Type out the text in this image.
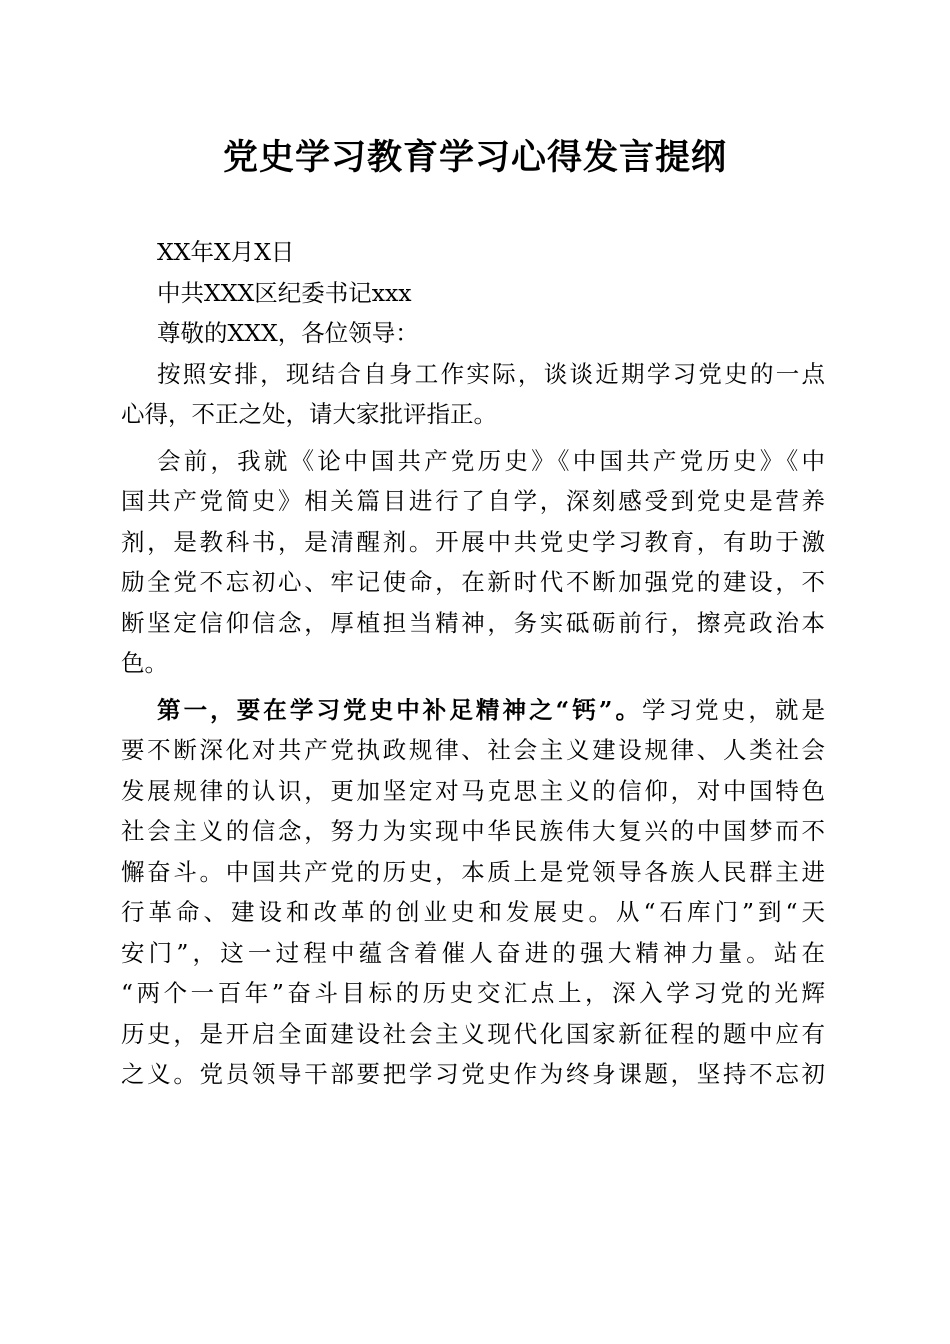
党史学习教育学习心得发言提纲
XX年X月X日
中共XXX区纪委书记xxx
尊敬的XXX，各位领导：
按照安排，现结合自身工作实际，谈谈近期学习党史的一点
心得，不正之处，请大家批评指正。
会前，我就《论中国共产党历史》《中国共产党历史》《中
国共产党简史》相关篇目进行了自学，深刻感受到党史是营养
剂，是教科书，是清醒剂。开展中共党史学习教育，有助于激
励全党不忘初心、牢记使命，在新时代不断加强党的建设，不
断坚定信仰信念，厚植担当精神，务实砥砺前行，擦亮政治本
色。
第一，要在学习党史中补足精神之“钙”。学习党史，就是
要不断深化对共产党执政规律、社会主义建设规律、人类社会
发展规律的认识，更加坚定对马克思主义的信仰，对中国特色
社会主义的信念，努力为实现中华民族伟大复兴的中国梦而不
懈奋斗。中国共产党的历史，本质上是党领导各族人民群主进
行革命、建设和改革的创业史和发展史。从“石库门”到“天
安门”，这一过程中蕴含着催人奋进的强大精神力量。站在
“两个一百年”奋斗目标的历史交汇点上，深入学习党的光辉
历史，是开启全面建设社会主义现代化国家新征程的题中应有
之义。党员领导干部要把学习党史作为终身课题，坚持不忘初
